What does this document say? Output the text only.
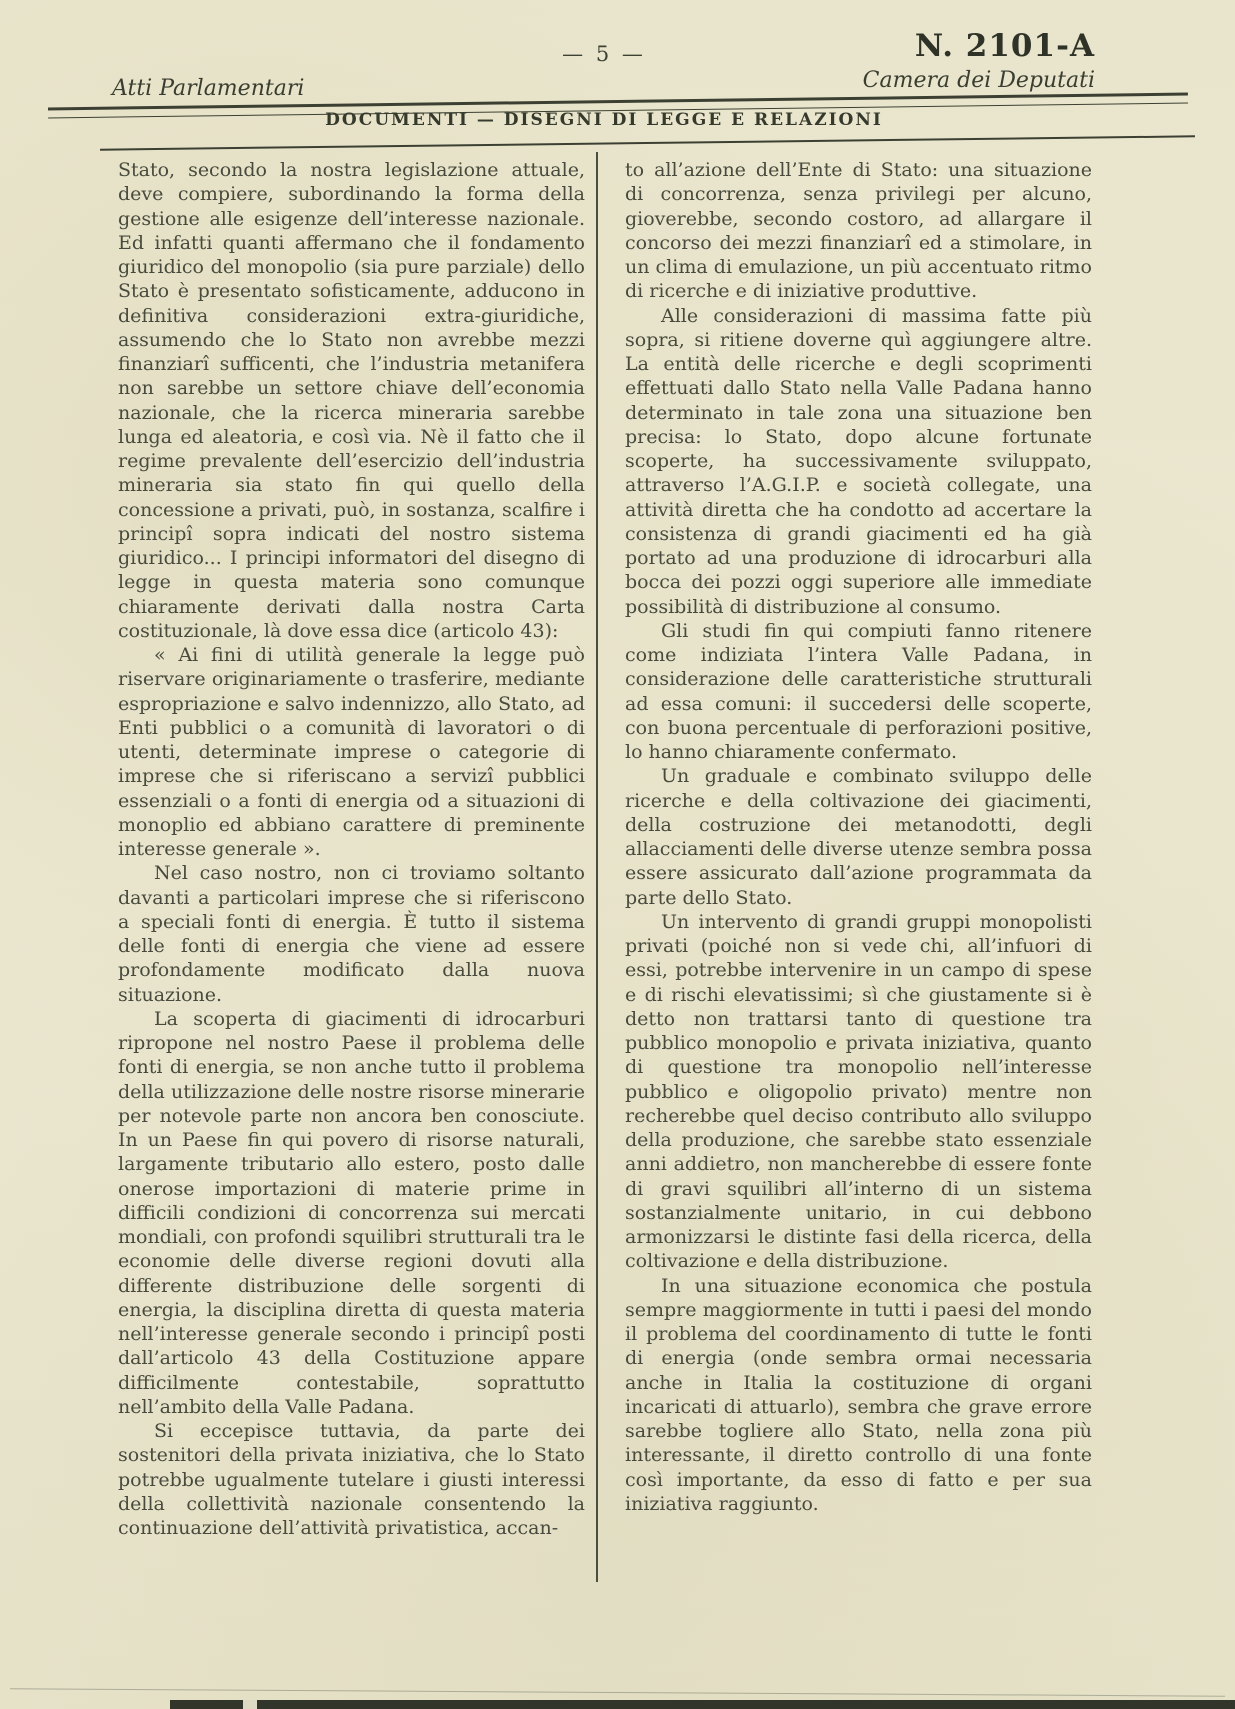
— 5 —	N. 2101-A
Atti Parlamentari	Camera dei Deputati
DOCUMENTI — DISEGNI DI LEGGE E RELAZIONI

Stato, secondo la nostra legislazione attuale, deve compiere, subordinando la forma della gestione alle esigenze dell’interesse nazionale. Ed infatti quanti affermano che il fondamento giuridico del monopolio (sia pure parziale) dello Stato è presentato sofisticamente, adducono in definitiva considerazioni extra-giuridiche, assumendo che lo Stato non avrebbe mezzi finanziarî sufficenti, che l’industria metanifera non sarebbe un settore chiave dell’economia nazionale, che la ricerca mineraria sarebbe lunga ed aleatoria, e così via. Nè il fatto che il regime prevalente dell’esercizio dell’industria mineraria sia stato fin qui quello della concessione a privati, può, in sostanza, scalfire i principî sopra indicati del nostro sistema giuridico... I principi informatori del disegno di legge in questa materia sono comunque chiaramente derivati dalla nostra Carta costituzionale, là dove essa dice (articolo 43):

« Ai fini di utilità generale la legge può riservare originariamente o trasferire, mediante espropriazione e salvo indennizzo, allo Stato, ad Enti pubblici o a comunità di lavoratori o di utenti, determinate imprese o categorie di imprese che si riferiscano a servizî pubblici essenziali o a fonti di energia od a situazioni di monoplio ed abbiano carattere di preminente interesse generale ».

Nel caso nostro, non ci troviamo soltanto davanti a particolari imprese che si riferiscono a speciali fonti di energia. È tutto il sistema delle fonti di energia che viene ad essere profondamente modificato dalla nuova situazione.

La scoperta di giacimenti di idrocarburi ripropone nel nostro Paese il problema delle fonti di energia, se non anche tutto il problema della utilizzazione delle nostre risorse minerarie per notevole parte non ancora ben conosciute. In un Paese fin qui povero di risorse naturali, largamente tributario allo estero, posto dalle onerose importazioni di materie prime in difficili condizioni di concorrenza sui mercati mondiali, con profondi squilibri strutturali tra le economie delle diverse regioni dovuti alla differente distribuzione delle sorgenti di energia, la disciplina diretta di questa materia nell’interesse generale secondo i principî posti dall’articolo 43 della Costituzione appare difficilmente contestabile, soprattutto nell’ambito della Valle Padana.

Si eccepisce tuttavia, da parte dei sostenitori della privata iniziativa, che lo Stato potrebbe ugualmente tutelare i giusti interessi della collettività nazionale consentendo la continuazione dell’attività privatistica, accan-

to all’azione dell’Ente di Stato: una situazione di concorrenza, senza privilegi per alcuno, gioverebbe, secondo costoro, ad allargare il concorso dei mezzi finanziarî ed a stimolare, in un clima di emulazione, un più accentuato ritmo di ricerche e di iniziative produttive.

Alle considerazioni di massima fatte più sopra, si ritiene doverne quì aggiungere altre. La entità delle ricerche e degli scoprimenti effettuati dallo Stato nella Valle Padana hanno determinato in tale zona una situazione ben precisa: lo Stato, dopo alcune fortunate scoperte, ha successivamente sviluppato, attraverso l’A.G.I.P. e società collegate, una attività diretta che ha condotto ad accertare la consistenza di grandi giacimenti ed ha già portato ad una produzione di idrocarburi alla bocca dei pozzi oggi superiore alle immediate possibilità di distribuzione al consumo.

Gli studi fin qui compiuti fanno ritenere come indiziata l’intera Valle Padana, in considerazione delle caratteristiche strutturali ad essa comuni: il succedersi delle scoperte, con buona percentuale di perforazioni positive, lo hanno chiaramente confermato.

Un graduale e combinato sviluppo delle ricerche e della coltivazione dei giacimenti, della costruzione dei metanodotti, degli allacciamenti delle diverse utenze sembra possa essere assicurato dall’azione programmata da parte dello Stato.

Un intervento di grandi gruppi monopolisti privati (poiché non si vede chi, all’infuori di essi, potrebbe intervenire in un campo di spese e di rischi elevatissimi; sì che giustamente si è detto non trattarsi tanto di questione tra pubblico monopolio e privata iniziativa, quanto di questione tra monopolio nell’interesse pubblico e oligopolio privato) mentre non recherebbe quel deciso contributo allo sviluppo della produzione, che sarebbe stato essenziale anni addietro, non mancherebbe di essere fonte di gravi squilibri all’interno di un sistema sostanzialmente unitario, in cui debbono armonizzarsi le distinte fasi della ricerca, della coltivazione e della distribuzione.

In una situazione economica che postula sempre maggiormente in tutti i paesi del mondo il problema del coordinamento di tutte le fonti di energia (onde sembra ormai necessaria anche in Italia la costituzione di organi incaricati di attuarlo), sembra che grave errore sarebbe togliere allo Stato, nella zona più interessante, il diretto controllo di una fonte così importante, da esso di fatto e per sua iniziativa raggiunto.
